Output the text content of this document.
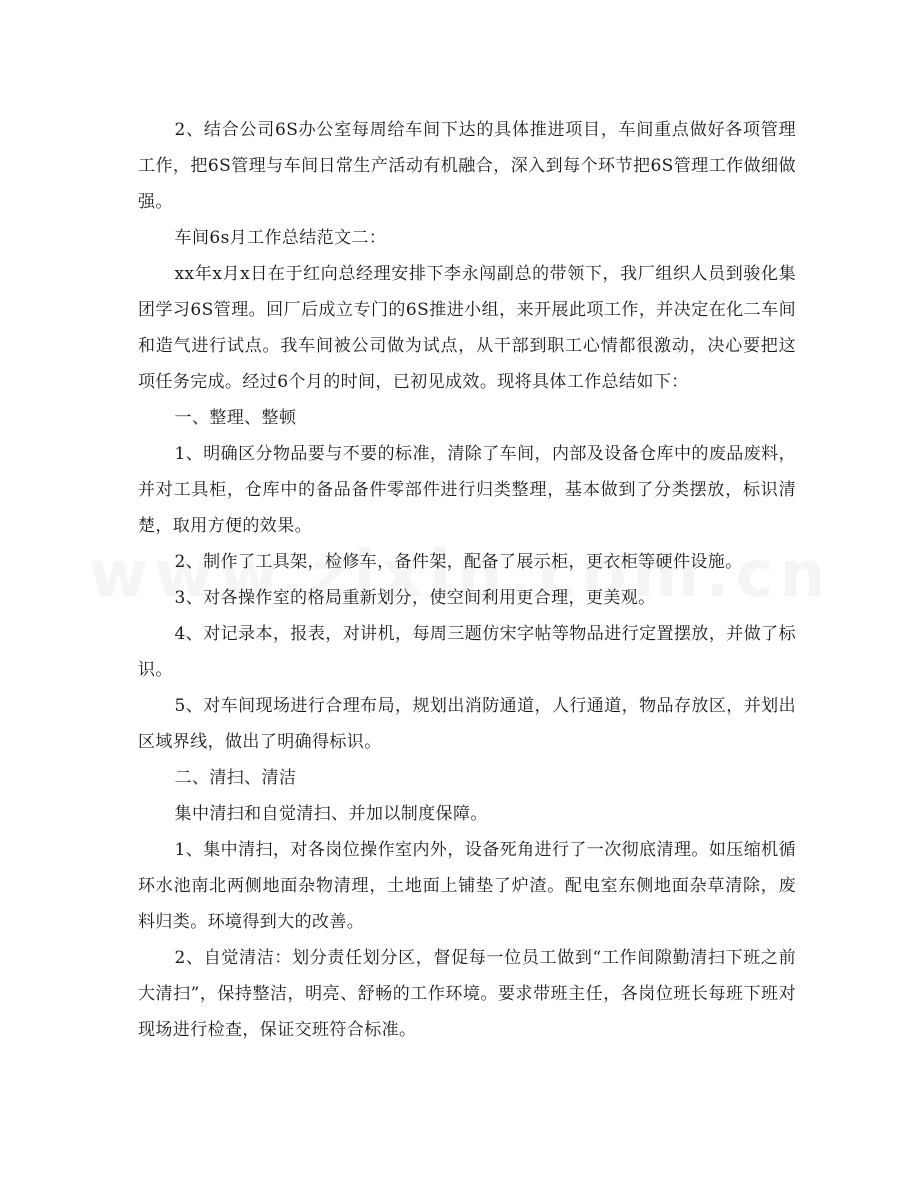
2、结合公司6S办公室每周给车间下达的具体推进项目，车间重点做好各项管理工作，把6S管理与车间日常生产活动有机融合，深入到每个环节把6S管理工作做细做强。

车间6s月工作总结范文二：

xx年x月x日在于红向总经理安排下李永闯副总的带领下，我厂组织人员到骏化集团学习6S管理。回厂后成立专门的6S推进小组，来开展此项工作，并决定在化二车间和造气进行试点。我车间被公司做为试点，从干部到职工心情都很激动，决心要把这项任务完成。经过6个月的时间，已初见成效。现将具体工作总结如下：

一、整理、整顿

1、明确区分物品要与不要的标准，清除了车间，内部及设备仓库中的废品废料，并对工具柜，仓库中的备品备件零部件进行归类整理，基本做到了分类摆放，标识清楚，取用方便的效果。

2、制作了工具架，检修车，备件架，配备了展示柜，更衣柜等硬件设施。

3、对各操作室的格局重新划分，使空间利用更合理，更美观。

4、对记录本，报表，对讲机，每周三题仿宋字帖等物品进行定置摆放，并做了标识。

5、对车间现场进行合理布局，规划出消防通道，人行通道，物品存放区，并划出区域界线，做出了明确得标识。

二、清扫、清洁

集中清扫和自觉清扫、并加以制度保障。

1、集中清扫，对各岗位操作室内外，设备死角进行了一次彻底清理。如压缩机循环水池南北两侧地面杂物清理，土地面上铺垫了炉渣。配电室东侧地面杂草清除，废料归类。环境得到大的改善。

2、自觉清洁：划分责任划分区，督促每一位员工做到“工作间隙勤清扫下班之前大清扫”，保持整洁，明亮、舒畅的工作环境。要求带班主任，各岗位班长每班下班对现场进行检查，保证交班符合标准。
